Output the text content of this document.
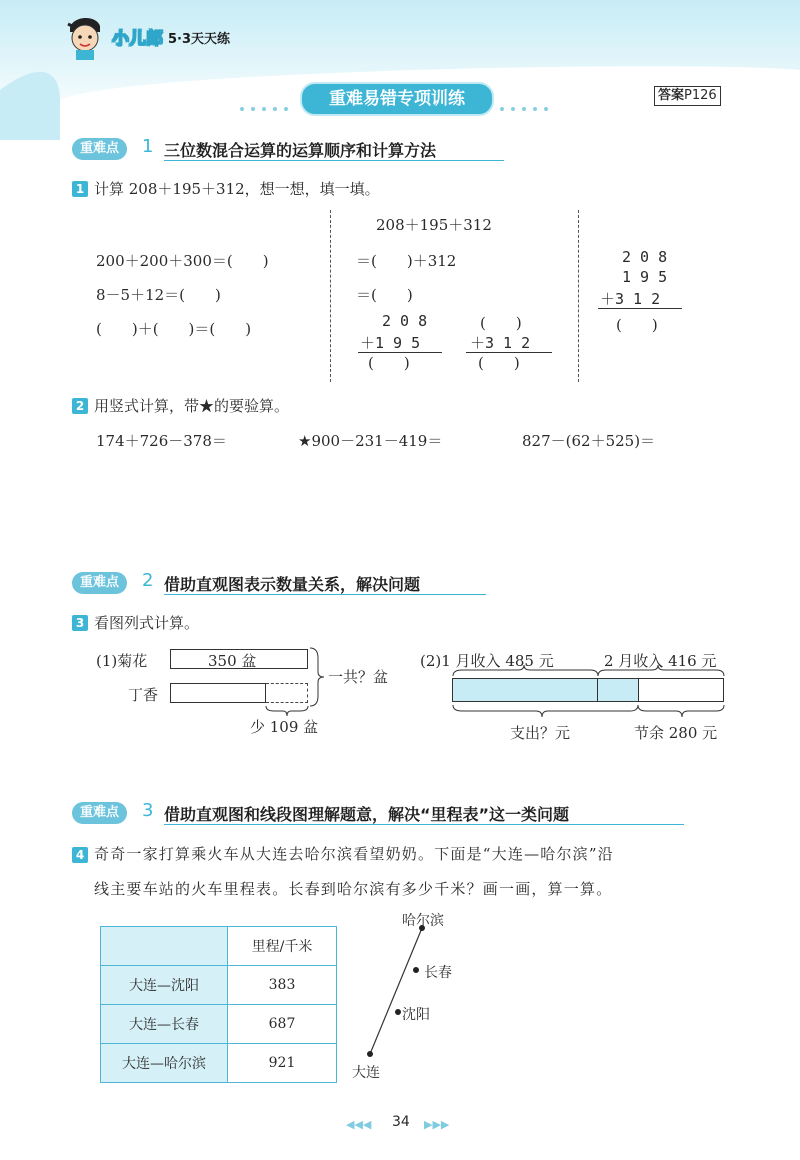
小儿郎 5·3天天练
重难易错专项训练	答案P126
重难点	1 三位数混合运算的运算顺序和计算方法
1 计算 208＋195＋312，想一想，填一填。
200＋200＋300＝(　　)
8－5＋12＝(　　)
(　　)＋(　　)＝(　　)
208＋195＋312
＝(　　)＋312
＝(　　)
2 0 8
＋1 9 5
(　　)
(　　)
＋3 1 2
(　　)
2 0 8
1 9 5
＋3 1 2
(　　)
2 用竖式计算，带★的要验算。
174＋726－378＝	★900－231－419＝	827－(62＋525)＝
重难点	2 借助直观图表示数量关系，解决问题
3 看图列式计算。
(1)菊花	350 盆
丁香
一共？盆
少 109 盆
(2)1 月收入 485 元	2 月收入 416 元
支出？元	节余 280 元
重难点	3 借助直观图和线段图理解题意，解决“里程表”这一类问题
4 奇奇一家打算乘火车从大连去哈尔滨看望奶奶。下面是“大连—哈尔滨”沿
线主要车站的火车里程表。长春到哈尔滨有多少千米？画一画，算一算。
	里程/千米
大连—沈阳	383
大连—长春	687
大连—哈尔滨	921
哈尔滨
长春
沈阳
大连
◀◀◀ 34 ▶▶▶
